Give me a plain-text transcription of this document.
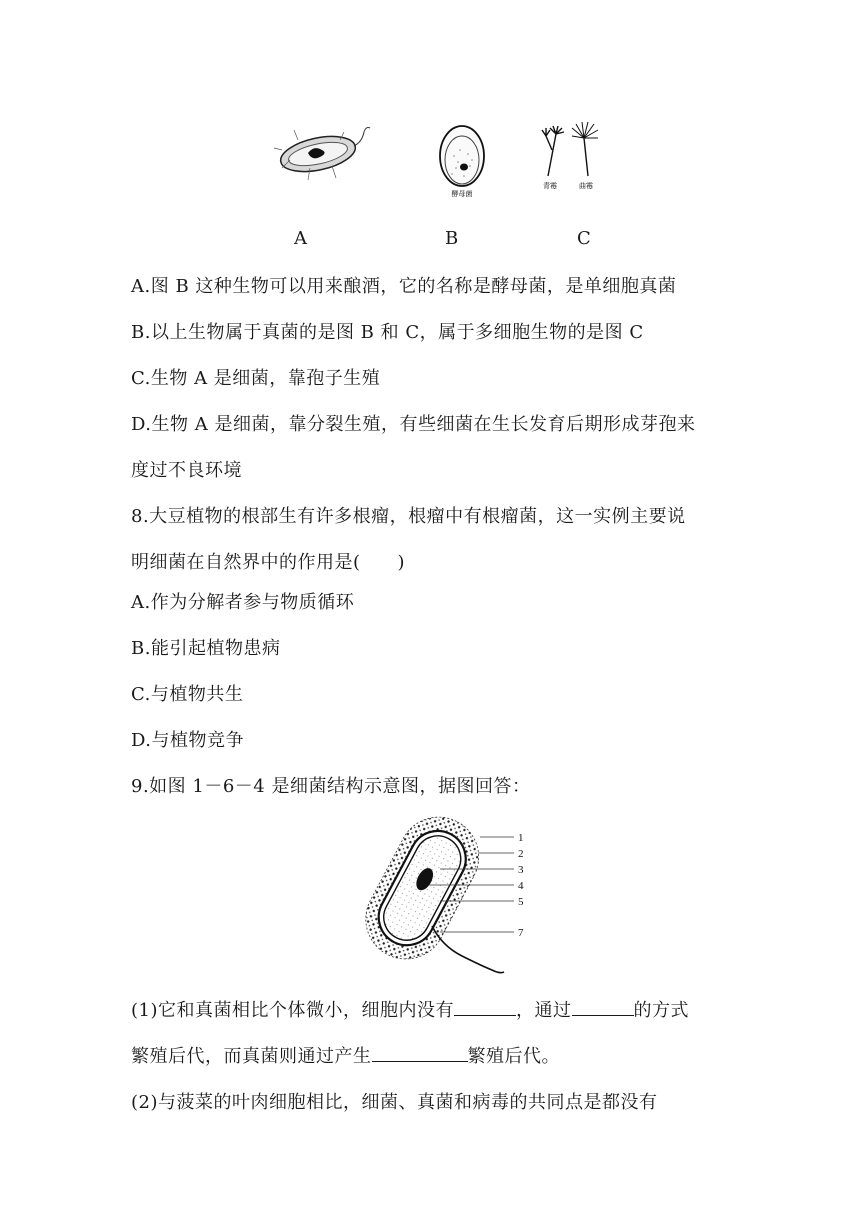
酵母菌
青霉	曲霉
A	B	C
A.图 B 这种生物可以用来酿酒，它的名称是酵母菌，是单细胞真菌
B.以上生物属于真菌的是图 B 和 C，属于多细胞生物的是图 C
C.生物 A 是细菌，靠孢子生殖
D.生物 A 是细菌，靠分裂生殖，有些细菌在生长发育后期形成芽孢来
度过不良环境
8.大豆植物的根部生有许多根瘤，根瘤中有根瘤菌，这一实例主要说
明细菌在自然界中的作用是(　　)
A.作为分解者参与物质循环
B.能引起植物患病
C.与植物共生
D.与植物竞争
9.如图 1－6－4 是细菌结构示意图，据图回答：
1
2
3
4
5
7
(1)它和真菌相比个体微小，细胞内没有	，通过	的方式
繁殖后代，而真菌则通过产生	繁殖后代。
(2)与菠菜的叶肉细胞相比，细菌、真菌和病毒的共同点是都没有
